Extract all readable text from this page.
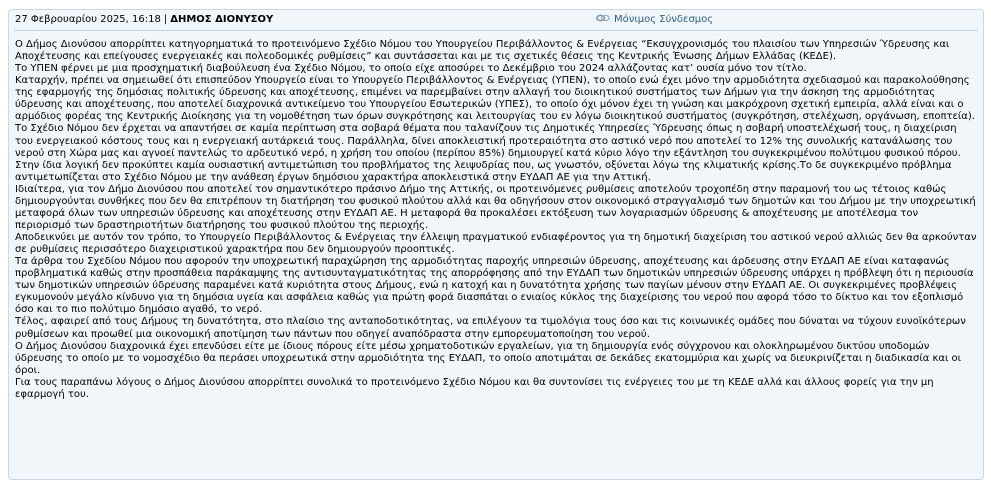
27 Φεβρουαρίου 2025, 16:18 | ΔΗΜΟΣ ΔΙΟΝΥΣΟΥ	Μόνιμος Σύνδεσμος

Ο Δήμος Διονύσου απορρίπτει κατηγορηματικά το προτεινόμενο Σχέδιο Νόμου του Υπουργείου Περιβάλλοντος & Ενέργειας “Εκσυγχρονισμός του πλαισίου των Υπηρεσιών Ύδρευσης και Αποχέτευσης και επείγουσες ενεργειακές και πολεοδομικές ρυθμίσεις” και συντάσσεται και με τις σχετικές θέσεις της Κεντρικής Ένωσης Δήμων Ελλάδας (ΚΕΔΕ).

Το ΥΠΕΝ φέρνει με μια προσχηματική διαβούλευση ένα Σχέδιο Νόμου, το οποίο είχε αποσύρει το Δεκέμβριο του 2024 αλλάζοντας κατ’ ουσία μόνο τον τίτλο.

Καταρχήν, πρέπει να σημειωθεί ότι επισπεύδον Υπουργείο είναι το Υπουργείο Περιβάλλοντος & Ενέργειας (ΥΠΕΝ), το οποίο ενώ έχει μόνο την αρμοδιότητα σχεδιασμού και παρακολούθησης της εφαρμογής της δημόσιας πολιτικής ύδρευσης και αποχέτευσης, επιμένει να παρεμβαίνει στην αλλαγή του διοικητικού συστήματος των Δήμων για την άσκηση της αρμοδιότητας ύδρευσης και αποχέτευσης, που αποτελεί διαχρονικά αντικείμενο του Υπουργείου Εσωτερικών (ΥΠΕΣ), το οποίο όχι μόνον έχει τη γνώση και μακρόχρονη σχετική εμπειρία, αλλά είναι και ο αρμόδιος φορέας της Κεντρικής Διοίκησης για τη νομοθέτηση των όρων συγκρότησης και λειτουργίας του εν λόγω διοικητικού συστήματος (συγκρότηση, στελέχωση, οργάνωση, εποπτεία).

Το Σχέδιο Νόμου δεν έρχεται να απαντήσει σε καμία περίπτωση στα σοβαρά θέματα που ταλανίζουν τις Δημοτικές Υπηρεσίες Ύδρευσης όπως η σοβαρή υποστελέχωσή τους, η διαχείριση του ενεργειακού κόστους τους και η ενεργειακή αυτάρκειά τους. Παράλληλα, δίνει αποκλειστική προτεραιότητα στο αστικό νερό που αποτελεί το 12% της συνολικής κατανάλωσης του νερού στη Χώρα μας και αγνοεί παντελώς το αρδευτικό νερό, η χρήση του οποίου (περίπου 85%) δημιουργεί κατά κύριο λόγο την εξάντληση του συγκεκριμένου πολύτιμου φυσικού πόρου. Στην ίδια λογική δεν προκύπτει καμία ουσιαστική αντιμετώπιση του προβλήματος της λειψυδρίας που, ως γνωστόν, οξύνεται λόγω της κλιματικής κρίσης.Το δε συγκεκριμένο πρόβλημα αντιμετωπίζεται στο Σχέδιο Νόμου με την ανάθεση έργων δημόσιου χαρακτήρα αποκλειστικά στην ΕΥΔΑΠ ΑΕ για την Αττική.

Ιδιαίτερα, για τον Δήμο Διονύσου που αποτελεί τον σημαντικότερο πράσινο Δήμο της Αττικής, οι προτεινόμενες ρυθμίσεις αποτελούν τροχοπέδη στην παραμονή του ως τέτοιος καθώς δημιουργούνται συνθήκες που δεν θα επιτρέπουν τη διατήρηση του φυσικού πλούτου αλλά και θα οδηγήσουν στον οικονομικό στραγγαλισμό των δημοτών και του Δήμου με την υποχρεωτική μεταφορά όλων των υπηρεσιών ύδρευσης και αποχέτευσης στην ΕΥΔΑΠ ΑΕ. Η μεταφορά θα προκαλέσει εκτόξευση των λογαριασμών ύδρευσης & αποχέτευσης με αποτέλεσμα τον περιορισμό των δραστηριοτήτων διατήρησης του φυσικού πλούτου της περιοχής.

Αποδεικνύει με αυτόν τον τρόπο, το Υπουργείο Περιβάλλοντος & Ενέργειας την έλλειψη πραγματικού ενδιαφέροντος για τη δημοτική διαχείριση του αστικού νερού αλλιώς δεν θα αρκούνταν σε ρυθμίσεις περισσότερο διαχειριστικού χαρακτήρα που δεν δημιουργούν προοπτικές.

Τα άρθρα του Σχεδίου Νόμου που αφορούν την υποχρεωτική παραχώρηση της αρμοδιότητας παροχής υπηρεσιών ύδρευσης, αποχέτευσης και άρδευσης στην ΕΥΔΑΠ ΑΕ είναι καταφανώς προβληματικά καθώς στην προσπάθεια παράκαμψης της αντισυνταγματικότητας της απορρόφησης από την ΕΥΔΑΠ των δημοτικών υπηρεσιών ύδρευσης υπάρχει η πρόβλεψη ότι η περιουσία των δημοτικών υπηρεσιών ύδρευσης παραμένει κατά κυριότητα στους Δήμους, ενώ η κατοχή και η δυνατότητα χρήσης των παγίων μένουν στην ΕΥΔΑΠ ΑΕ. Οι συγκεκριμένες προβλέψεις εγκυμονούν μεγάλο κίνδυνο για τη δημόσια υγεία και ασφάλεια καθώς για πρώτη φορά διασπάται ο ενιαίος κύκλος της διαχείρισης του νερού που αφορά τόσο το δίκτυο και τον εξοπλισμό όσο και το πιο πολύτιμο δημόσιο αγαθό, το νερό.

Τέλος, αφαιρεί από τους Δήμους τη δυνατότητα, στο πλαίσιο της ανταποδοτικότητας, να επιλέγουν τα τιμολόγια τους όσο και τις κοινωνικές ομάδες που δύναται να τύχουν ευνοϊκότερων ρυθμίσεων και προωθεί μια οικονομική αποτίμηση των πάντων που οδηγεί αναπόδραστα στην εμπορευματοποίηση του νερού.

Ο Δήμος Διονύσου διαχρονικά έχει επενδύσει είτε με ίδιους πόρους είτε μέσω χρηματοδοτικών εργαλείων, για τη δημιουργία ενός σύγχρονου και ολοκληρωμένου δικτύου υποδομών ύδρευσης το οποίο με το νομοσχέδιο θα περάσει υποχρεωτικά στην αρμοδιότητα της ΕΥΔΑΠ, το οποίο αποτιμάται σε δεκάδες εκατομμύρια και χωρίς να διευκρινίζεται η διαδικασία και οι όροι.

Για τους παραπάνω λόγους ο Δήμος Διονύσου απορρίπτει συνολικά το προτεινόμενο Σχέδιο Νόμου και θα συντονίσει τις ενέργειες του με τη ΚΕΔΕ αλλά και άλλους φορείς για την μη εφαρμογή του.
